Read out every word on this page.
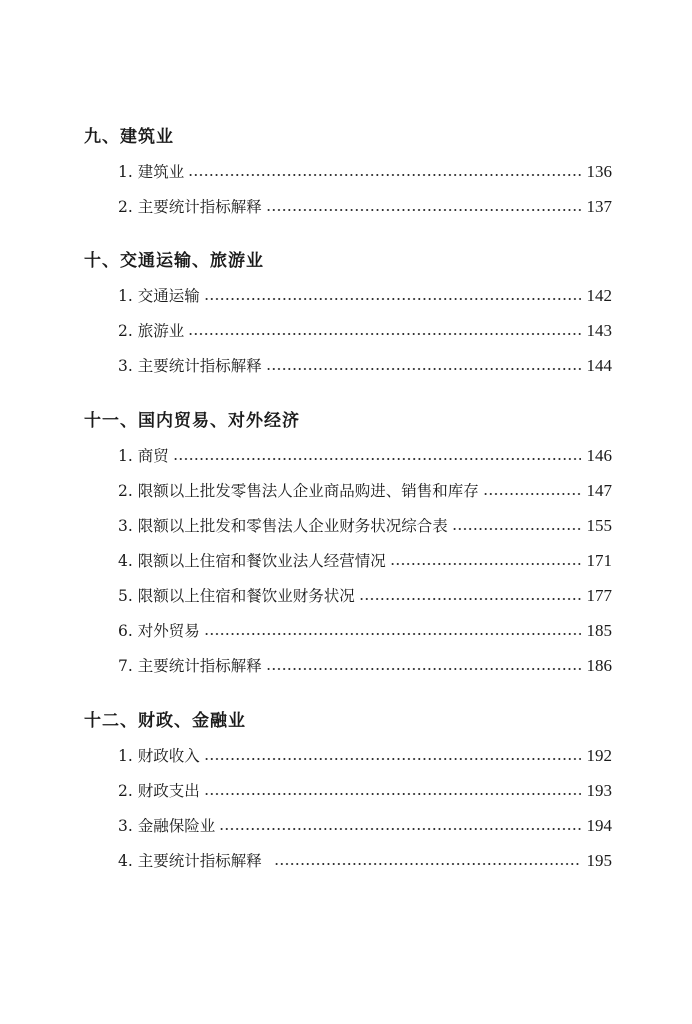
九、建筑业
1. 建筑业	136
2. 主要统计指标解释	137
十、交通运输、旅游业
1. 交通运输	142
2. 旅游业	143
3. 主要统计指标解释	144
十一、国内贸易、对外经济
1. 商贸	146
2. 限额以上批发零售法人企业商品购进、销售和库存	147
3. 限额以上批发和零售法人企业财务状况综合表	155
4. 限额以上住宿和餐饮业法人经营情况	171
5. 限额以上住宿和餐饮业财务状况	177
6. 对外贸易	185
7. 主要统计指标解释	186
十二、财政、金融业
1. 财政收入	192
2. 财政支出	193
3. 金融保险业	194
4. 主要统计指标解释	195
